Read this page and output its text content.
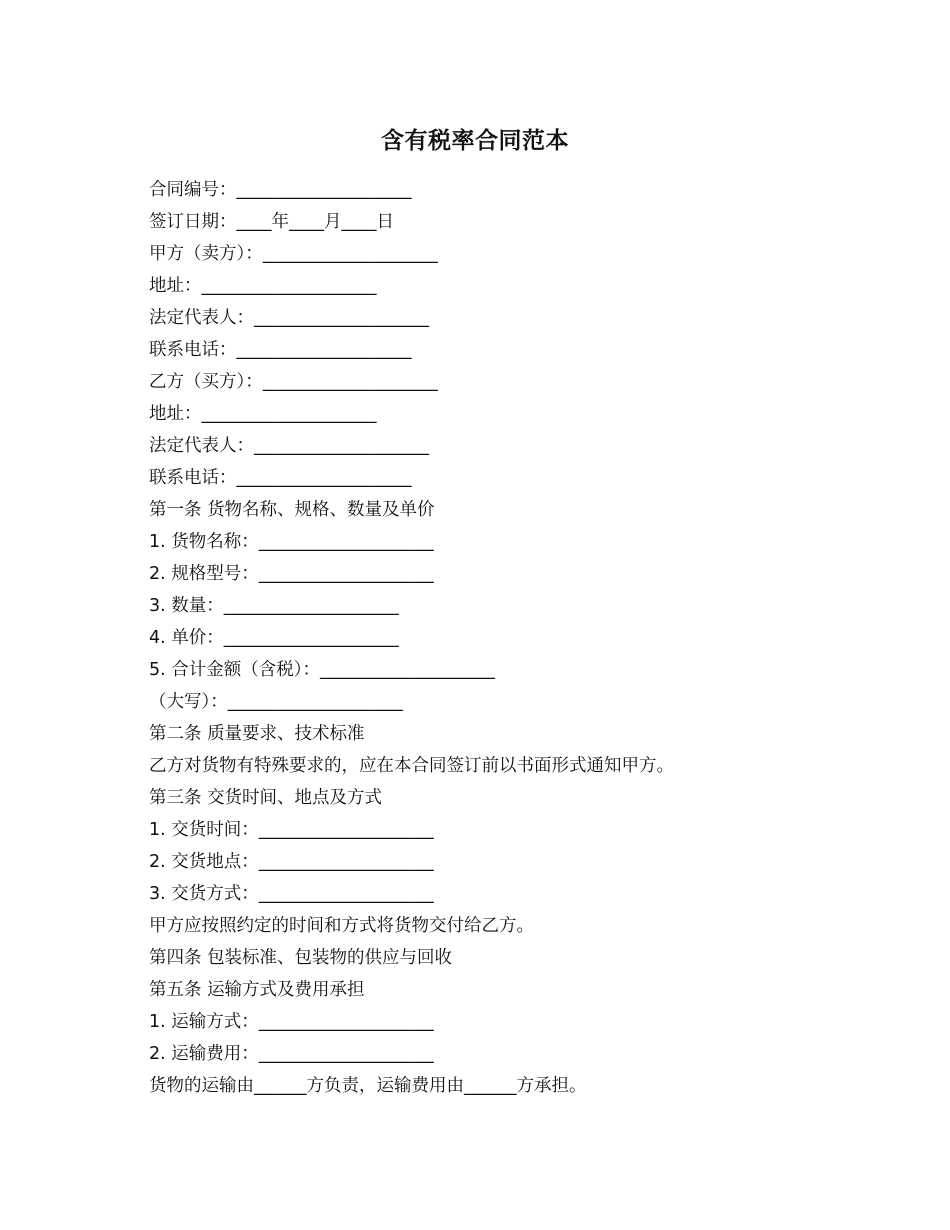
含有税率合同范本
合同编号：____________________
签订日期：____年____月____日
甲方（卖方）：____________________
地址：____________________
法定代表人：____________________
联系电话：____________________
乙方（买方）：____________________
地址：____________________
法定代表人：____________________
联系电话：____________________
第一条 货物名称、规格、数量及单价
1. 货物名称：____________________
2. 规格型号：____________________
3. 数量：____________________
4. 单价：____________________
5. 合计金额（含税）：____________________
（大写）：____________________
第二条 质量要求、技术标准
乙方对货物有特殊要求的，应在本合同签订前以书面形式通知甲方。
第三条 交货时间、地点及方式
1. 交货时间：____________________
2. 交货地点：____________________
3. 交货方式：____________________
甲方应按照约定的时间和方式将货物交付给乙方。
第四条 包装标准、包装物的供应与回收
第五条 运输方式及费用承担
1. 运输方式：____________________
2. 运输费用：____________________
货物的运输由______方负责，运输费用由______方承担。
